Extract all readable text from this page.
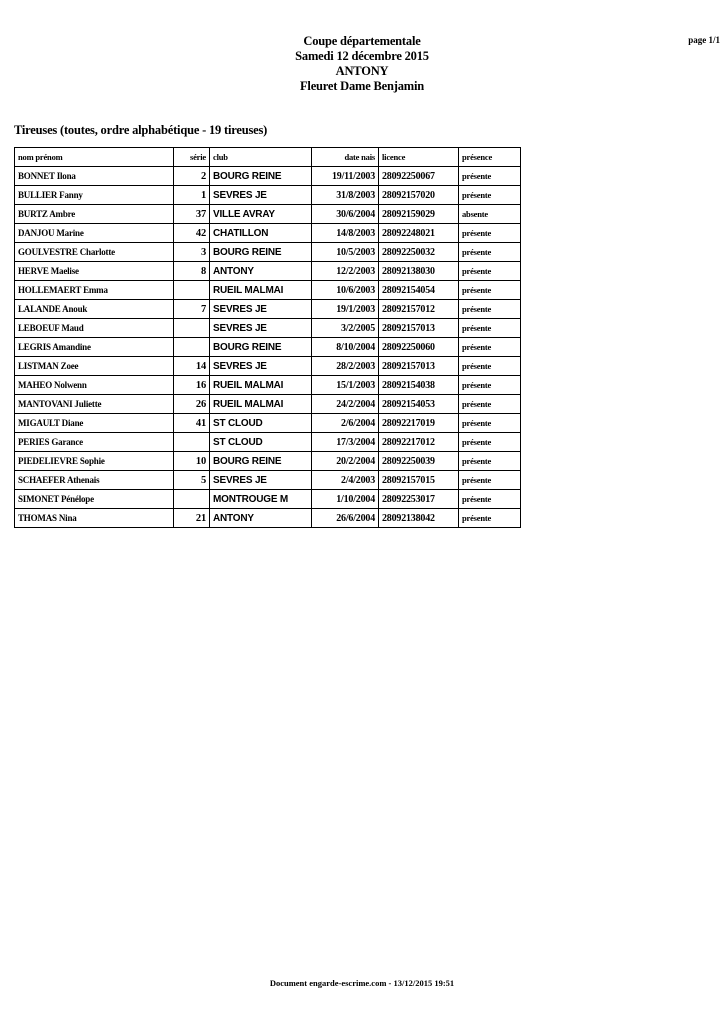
Coupe départementale
Samedi 12 décembre 2015
ANTONY
Fleuret Dame Benjamin
page 1/1
Tireuses (toutes, ordre alphabétique - 19 tireuses)
nom prénom	série	club	date nais	licence	présence
BONNET Ilona	2	BOURG REINE	19/11/2003	28092250067	présente
BULLIER Fanny	1	SEVRES JE	31/8/2003	28092157020	présente
BURTZ Ambre	37	VILLE AVRAY	30/6/2004	28092159029	absente
DANJOU Marine	42	CHATILLON	14/8/2003	28092248021	présente
GOULVESTRE Charlotte	3	BOURG REINE	10/5/2003	28092250032	présente
HERVE Maelise	8	ANTONY	12/2/2003	28092138030	présente
HOLLEMAERT Emma		RUEIL MALMAI	10/6/2003	28092154054	présente
LALANDE Anouk	7	SEVRES JE	19/1/2003	28092157012	présente
LEBOEUF Maud		SEVRES JE	3/2/2005	28092157013	présente
LEGRIS Amandine		BOURG REINE	8/10/2004	28092250060	présente
LISTMAN Zoee	14	SEVRES JE	28/2/2003	28092157013	présente
MAHEO Nolwenn	16	RUEIL MALMAI	15/1/2003	28092154038	présente
MANTOVANI Juliette	26	RUEIL MALMAI	24/2/2004	28092154053	présente
MIGAULT Diane	41	ST CLOUD	2/6/2004	28092217019	présente
PERIES Garance		ST CLOUD	17/3/2004	28092217012	présente
PIEDELIEVRE Sophie	10	BOURG REINE	20/2/2004	28092250039	présente
SCHAEFER Athenais	5	SEVRES JE	2/4/2003	28092157015	présente
SIMONET Pénélope		MONTROUGE M	1/10/2004	28092253017	présente
THOMAS Nina	21	ANTONY	26/6/2004	28092138042	présente
Document engarde-escrime.com - 13/12/2015 19:51
